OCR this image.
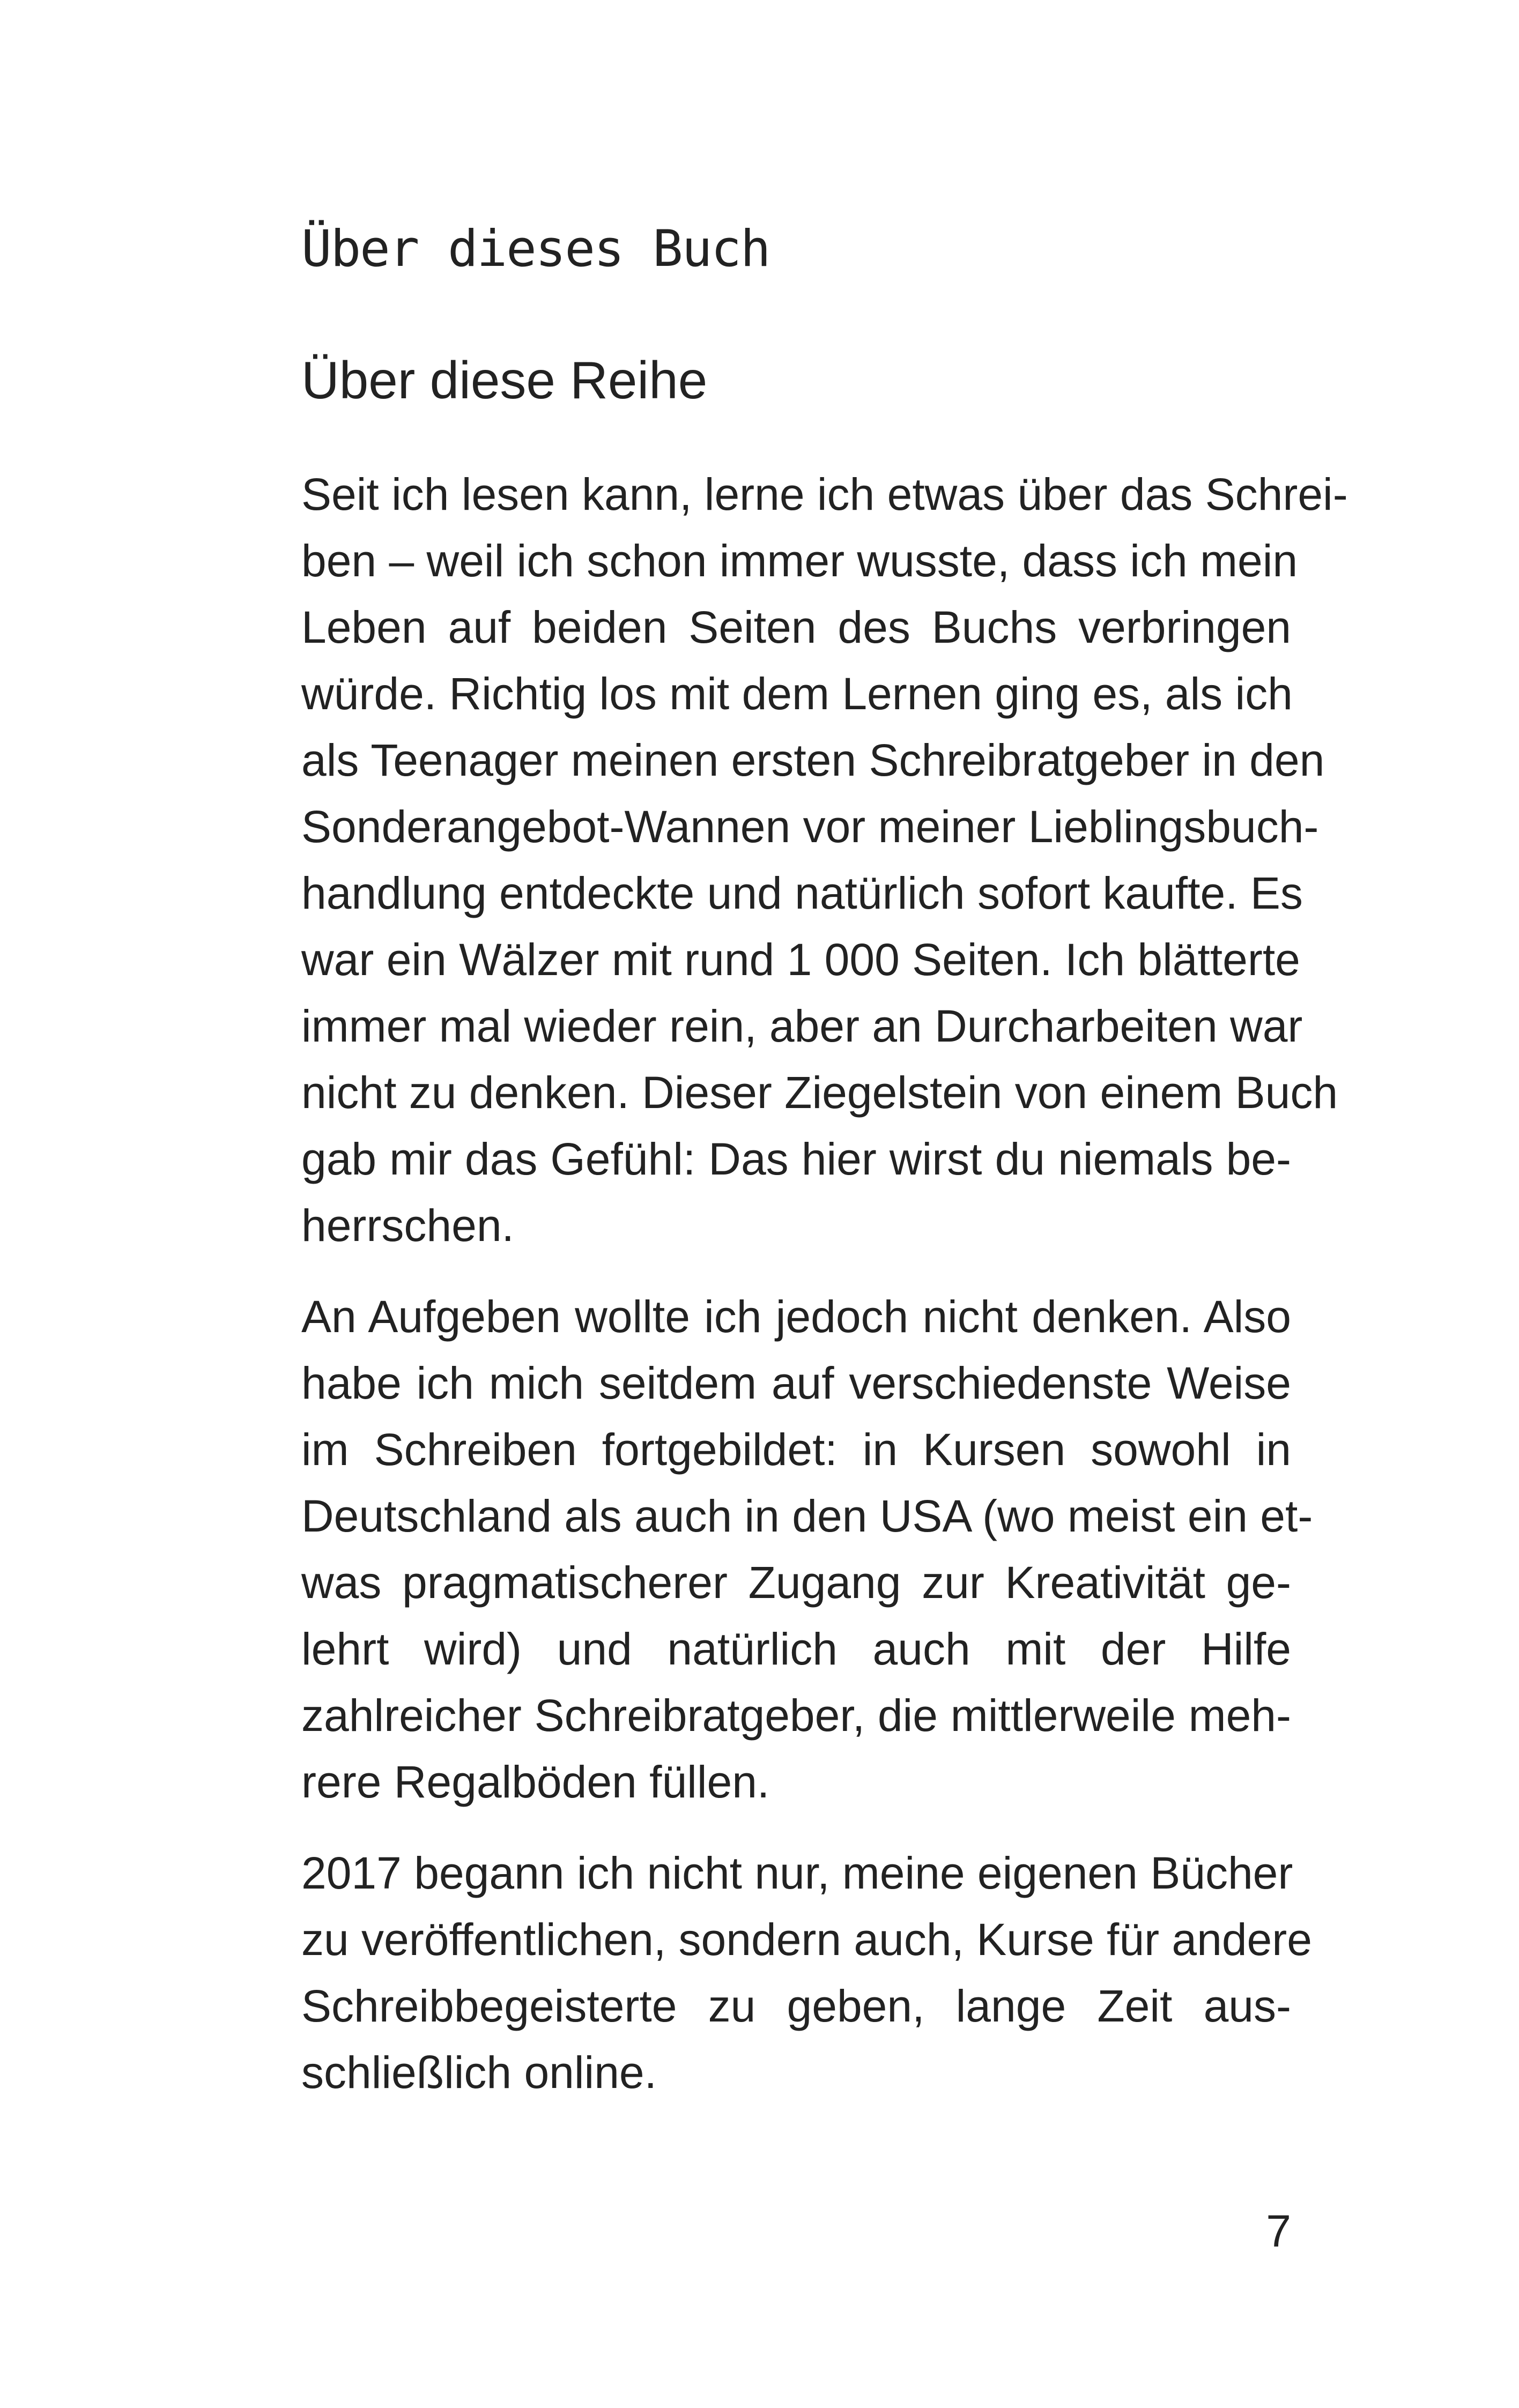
Über dieses Buch
Über diese Reihe

Seit ich lesen kann, lerne ich etwas über das Schrei-
ben – weil ich schon immer wusste, dass ich mein
Leben auf beiden Seiten des Buchs verbringen
würde. Richtig los mit dem Lernen ging es, als ich
als Teenager meinen ersten Schreibratgeber in den
Sonderangebot-Wannen vor meiner Lieblingsbuch-
handlung entdeckte und natürlich sofort kaufte. Es
war ein Wälzer mit rund 1 000 Seiten. Ich blätterte
immer mal wieder rein, aber an Durcharbeiten war
nicht zu denken. Dieser Ziegelstein von einem Buch
gab mir das Gefühl: Das hier wirst du niemals be-
herrschen.

An Aufgeben wollte ich jedoch nicht denken. Also
habe ich mich seitdem auf verschiedenste Weise
im Schreiben fortgebildet: in Kursen sowohl in
Deutschland als auch in den USA (wo meist ein et-
was pragmatischerer Zugang zur Kreativität ge-
lehrt wird) und natürlich auch mit der Hilfe
zahlreicher Schreibratgeber, die mittlerweile meh-
rere Regalböden füllen.

2017 begann ich nicht nur, meine eigenen Bücher
zu veröffentlichen, sondern auch, Kurse für andere
Schreibbegeisterte zu geben, lange Zeit aus-
schließlich online.

7
